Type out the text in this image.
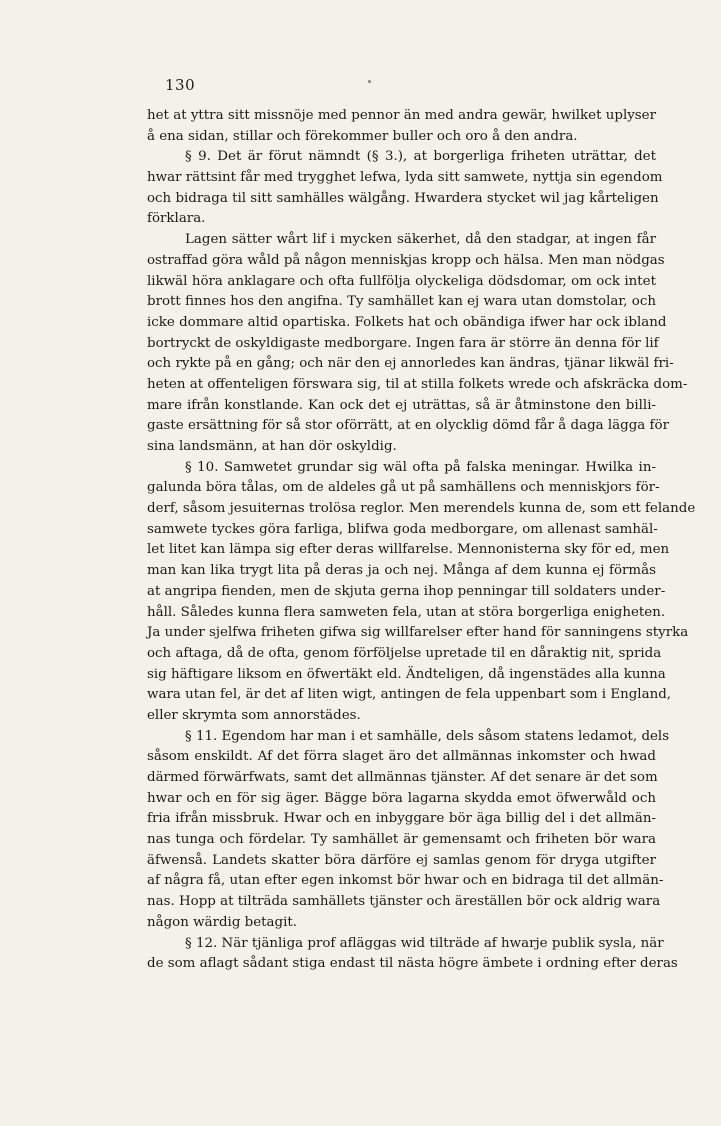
130
het at yttra sitt missnöje med pennor än med andra gewär, hwilket uplyser
å ena sidan, stillar och förekommer buller och oro å den andra.
§ 9. Det är förut nämndt (§ 3.), at borgerliga friheten uträttar, det
hwar rättsint får med trygghet lefwa, lyda sitt samwete, nyttja sin egendom
och bidraga til sitt samhälles wälgång. Hwardera stycket wil jag kårteligen
förklara.
Lagen sätter wårt lif i mycken säkerhet, då den stadgar, at ingen får
ostraffad göra wåld på någon menniskjas kropp och hälsa. Men man nödgas
likwäl höra anklagare och ofta fullfölja olyckeliga dödsdomar, om ock intet
brott finnes hos den angifna. Ty samhället kan ej wara utan domstolar, och
icke dommare altid opartiska. Folkets hat och obändiga ifwer har ock ibland
bortryckt de oskyldigaste medborgare. Ingen fara är större än denna för lif
och rykte på en gång; och när den ej annorledes kan ändras, tjänar likwäl fri-
heten at offenteligen förswara sig, til at stilla folkets wrede och afskräcka dom-
mare ifrån konstlande. Kan ock det ej uträttas, så är åtminstone den billi-
gaste ersättning för så stor oförrätt, at en olycklig dömd får å daga lägga för
sina landsmänn, at han dör oskyldig.
§ 10. Samwetet grundar sig wäl ofta på falska meningar. Hwilka in-
galunda böra tålas, om de aldeles gå ut på samhällens och menniskjors för-
derf, såsom jesuiternas trolösa reglor. Men merendels kunna de, som ett felande
samwete tyckes göra farliga, blifwa goda medborgare, om allenast samhäl-
let litet kan lämpa sig efter deras willfarelse. Mennonisterna sky för ed, men
man kan lika trygt lita på deras ja och nej. Många af dem kunna ej förmås
at angripa fienden, men de skjuta gerna ihop penningar till soldaters under-
håll. Således kunna flera samweten fela, utan at störa borgerliga enigheten.
Ja under sjelfwa friheten gifwa sig willfarelser efter hand för sanningens styrka
och aftaga, då de ofta, genom förföljelse upretade til en dåraktig nit, sprida
sig häftigare liksom en öfwertäkt eld. Ändteligen, då ingenstädes alla kunna
wara utan fel, är det af liten wigt, antingen de fela uppenbart som i England,
eller skrymta som annorstädes.
§ 11. Egendom har man i et samhälle, dels såsom statens ledamot, dels
såsom enskildt. Af det förra slaget äro det allmännas inkomster och hwad
därmed förwärfwats, samt det allmännas tjänster. Af det senare är det som
hwar och en för sig äger. Bägge böra lagarna skydda emot öfwerwåld och
fria ifrån missbruk. Hwar och en inbyggare bör äga billig del i det allmän-
nas tunga och fördelar. Ty samhället är gemensamt och friheten bör wara
äfwenså. Landets skatter böra därföre ej samlas genom för dryga utgifter
af några få, utan efter egen inkomst bör hwar och en bidraga til det allmän-
nas. Hopp at tilträda samhällets tjänster och äreställen bör ock aldrig wara
någon wärdig betagit.
§ 12. När tjänliga prof afläggas wid tilträde af hwarje publik sysla, när
de som aflagt sådant stiga endast til nästa högre ämbete i ordning efter deras
